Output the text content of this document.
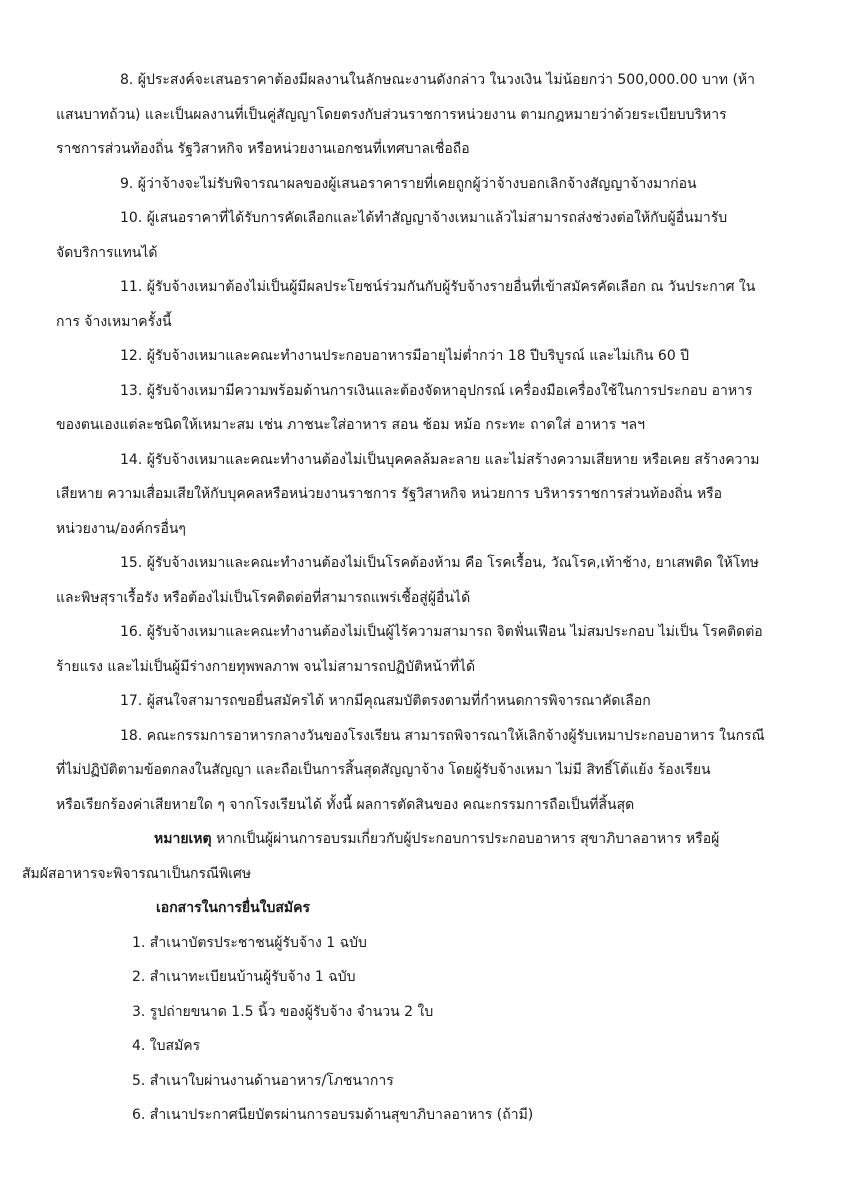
8. ผู้ประสงค์จะเสนอราคาต้องมีผลงานในลักษณะงานดังกล่าว ในวงเงิน ไม่น้อยกว่า 500,000.00 บาท (ห้า
แสนบาทถ้วน) และเป็นผลงานที่เป็นคู่สัญญาโดยตรงกับส่วนราชการหน่วยงาน ตามกฎหมายว่าด้วยระเบียบบริหาร
ราชการส่วนท้องถิ่น รัฐวิสาหกิจ หรือหน่วยงานเอกชนที่เทศบาลเชื่อถือ

9. ผู้ว่าจ้างจะไม่รับพิจารณาผลของผู้เสนอราคารายที่เคยถูกผู้ว่าจ้างบอกเลิกจ้างสัญญาจ้างมาก่อน

10. ผู้เสนอราคาที่ได้รับการคัดเลือกและได้ทำสัญญาจ้างเหมาแล้วไม่สามารถส่งช่วงต่อให้กับผู้อื่นมารับ
จัดบริการแทนได้

11. ผู้รับจ้างเหมาต้องไม่เป็นผู้มีผลประโยชน์ร่วมกันกับผู้รับจ้างรายอื่นที่เข้าสมัครคัดเลือก ณ วันประกาศ ใน
การ จ้างเหมาครั้งนี้

12. ผู้รับจ้างเหมาและคณะทำงานประกอบอาหารมีอายุไม่ต่ำกว่า 18 ปีบริบูรณ์ และไม่เกิน 60 ปี

13. ผู้รับจ้างเหมามีความพร้อมด้านการเงินและต้องจัดหาอุปกรณ์ เครื่องมือเครื่องใช้ในการประกอบ อาหาร
ของตนเองแต่ละชนิดให้เหมาะสม เช่น ภาชนะใส่อาหาร สอน ช้อม หม้อ กระทะ ถาดใส่ อาหาร ฯลฯ

14. ผู้รับจ้างเหมาและคณะทำงานต้องไม่เป็นบุคคลล้มละลาย และไม่สร้างความเสียหาย หรือเคย สร้างความ
เสียหาย ความเสื่อมเสียให้กับบุคคลหรือหน่วยงานราชการ รัฐวิสาหกิจ หน่วยการ บริหารราชการส่วนท้องถิ่น หรือ
หน่วยงาน/องค์กรอื่นๆ

15. ผู้รับจ้างเหมาและคณะทำงานต้องไม่เป็นโรคต้องห้าม คือ โรคเรื้อน, วัณโรค,เท้าช้าง, ยาเสพติด ให้โทษ
และพิษสุราเรื้อรัง หรือต้องไม่เป็นโรคติดต่อที่สามารถแพร่เชื้อสู่ผู้อื่นได้

16. ผู้รับจ้างเหมาและคณะทำงานต้องไม่เป็นผู้ไร้ความสามารถ จิตฟั่นเฟือน ไม่สมประกอบ ไม่เป็น โรคติดต่อ
ร้ายแรง และไม่เป็นผู้มีร่างกายทุพพลภาพ จนไม่สามารถปฏิบัติหน้าที่ได้

17. ผู้สนใจสามารถขอยื่นสมัครได้ หากมีคุณสมบัติตรงตามที่กำหนดการพิจารณาคัดเลือก

18. คณะกรรมการอาหารกลางวันของโรงเรียน สามารถพิจารณาให้เลิกจ้างผู้รับเหมาประกอบอาหาร ในกรณี
ที่ไม่ปฏิบัติตามข้อตกลงในสัญญา และถือเป็นการสิ้นสุดสัญญาจ้าง โดยผู้รับจ้างเหมา ไม่มี สิทธิ์โต้แย้ง ร้องเรียน
หรือเรียกร้องค่าเสียหายใด ๆ จากโรงเรียนได้ ทั้งนี้ ผลการตัดสินของ คณะกรรมการถือเป็นที่สิ้นสุด

หมายเหตุ หากเป็นผู้ผ่านการอบรมเกี่ยวกับผู้ประกอบการประกอบอาหาร สุขาภิบาลอาหาร หรือผู้
สัมผัสอาหารจะพิจารณาเป็นกรณีพิเศษ

เอกสารในการยื่นใบสมัคร

1. สำเนาบัตรประชาชนผู้รับจ้าง 1 ฉบับ
2. สำเนาทะเบียนบ้านผู้รับจ้าง 1 ฉบับ
3. รูปถ่ายขนาด 1.5 นิ้ว ของผู้รับจ้าง จำนวน 2 ใบ
4. ใบสมัคร
5. สำเนาใบผ่านงานด้านอาหาร/โภชนาการ
6. สำเนาประกาศนียบัตรผ่านการอบรมด้านสุขาภิบาลอาหาร (ถ้ามี)
